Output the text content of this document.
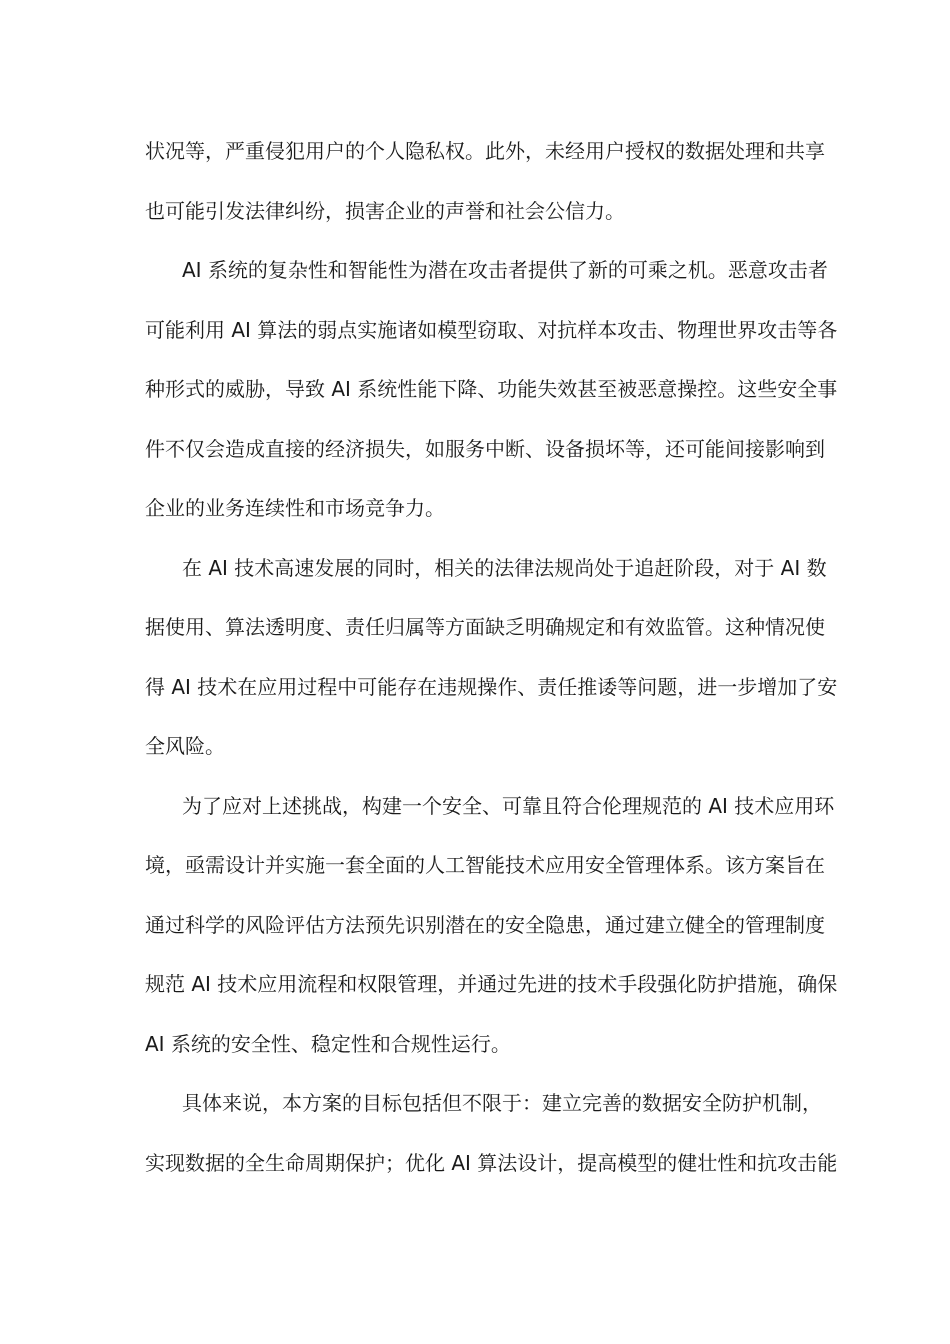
状况等，严重侵犯用户的个人隐私权。此外，未经用户授权的数据处理和共享
也可能引发法律纠纷，损害企业的声誉和社会公信力。
AI 系统的复杂性和智能性为潜在攻击者提供了新的可乘之机。恶意攻击者
可能利用 AI 算法的弱点实施诸如模型窃取、对抗样本攻击、物理世界攻击等各
种形式的威胁，导致 AI 系统性能下降、功能失效甚至被恶意操控。这些安全事
件不仅会造成直接的经济损失，如服务中断、设备损坏等，还可能间接影响到
企业的业务连续性和市场竞争力。
在 AI 技术高速发展的同时，相关的法律法规尚处于追赶阶段，对于 AI 数
据使用、算法透明度、责任归属等方面缺乏明确规定和有效监管。这种情况使
得 AI 技术在应用过程中可能存在违规操作、责任推诿等问题，进一步增加了安
全风险。
为了应对上述挑战，构建一个安全、可靠且符合伦理规范的 AI 技术应用环
境，亟需设计并实施一套全面的人工智能技术应用安全管理体系。该方案旨在
通过科学的风险评估方法预先识别潜在的安全隐患，通过建立健全的管理制度
规范 AI 技术应用流程和权限管理，并通过先进的技术手段强化防护措施，确保
AI 系统的安全性、稳定性和合规性运行。
具体来说，本方案的目标包括但不限于：建立完善的数据安全防护机制，
实现数据的全生命周期保护；优化 AI 算法设计，提高模型的健壮性和抗攻击能
